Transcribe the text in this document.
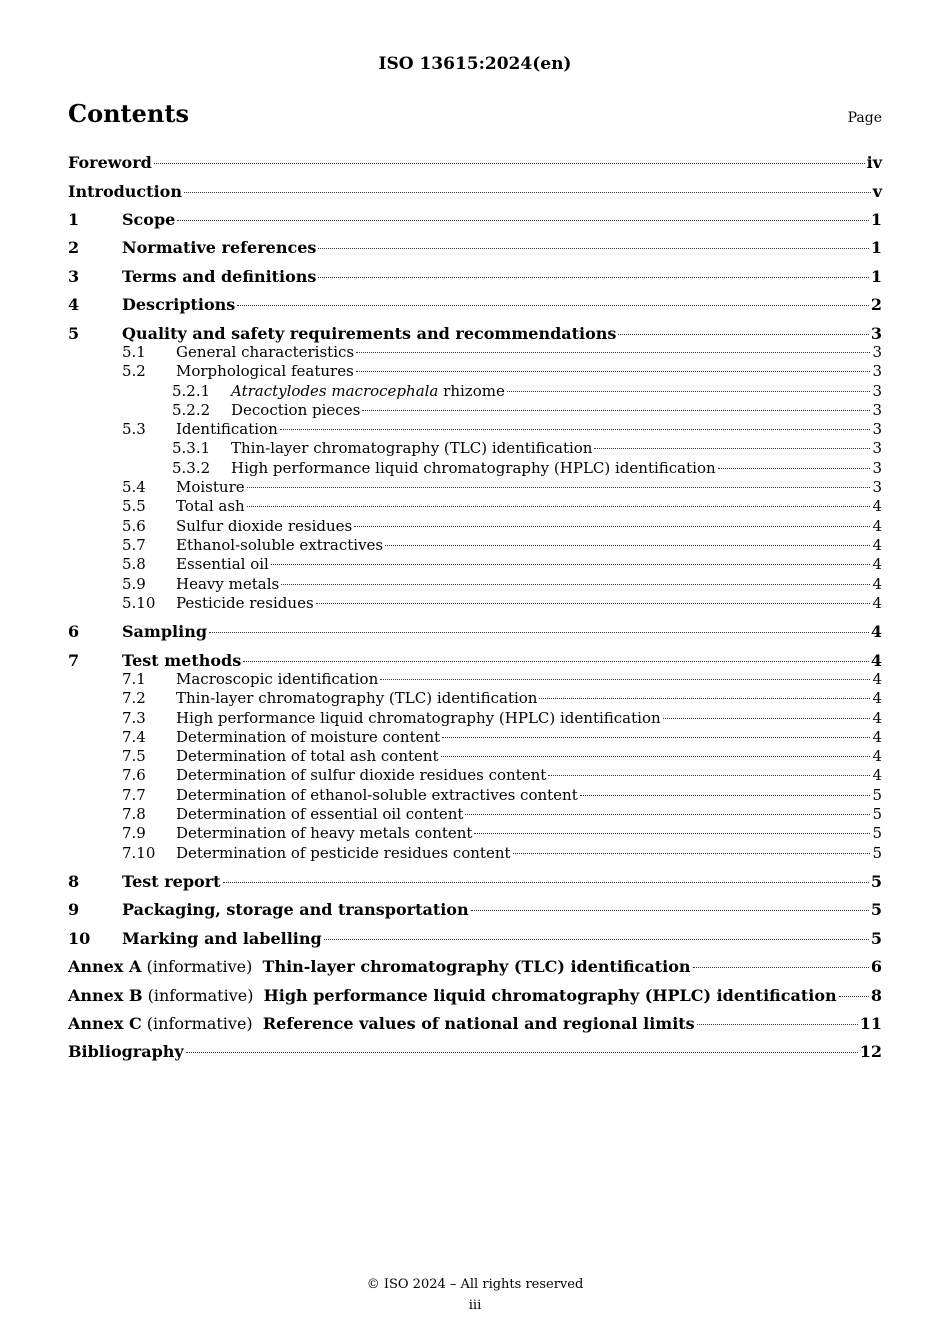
ISO 13615:2024(en)
Contents	Page
Foreword	iv
Introduction	v
1	Scope	1
2	Normative references	1
3	Terms and definitions	1
4	Descriptions	2
5	Quality and safety requirements and recommendations	3
5.1	General characteristics	3
5.2	Morphological features	3
5.2.1	Atractylodes macrocephala rhizome	3
5.2.2	Decoction pieces	3
5.3	Identification	3
5.3.1	Thin-layer chromatography (TLC) identification	3
5.3.2	High performance liquid chromatography (HPLC) identification	3
5.4	Moisture	3
5.5	Total ash	4
5.6	Sulfur dioxide residues	4
5.7	Ethanol-soluble extractives	4
5.8	Essential oil	4
5.9	Heavy metals	4
5.10	Pesticide residues	4
6	Sampling	4
7	Test methods	4
7.1	Macroscopic identification	4
7.2	Thin-layer chromatography (TLC) identification	4
7.3	High performance liquid chromatography (HPLC) identification	4
7.4	Determination of moisture content	4
7.5	Determination of total ash content	4
7.6	Determination of sulfur dioxide residues content	4
7.7	Determination of ethanol-soluble extractives content	5
7.8	Determination of essential oil content	5
7.9	Determination of heavy metals content	5
7.10	Determination of pesticide residues content	5
8	Test report	5
9	Packaging, storage and transportation	5
10	Marking and labelling	5
Annex A (informative) Thin-layer chromatography (TLC) identification	6
Annex B (informative) High performance liquid chromatography (HPLC) identification 8
Annex C (informative) Reference values of national and regional limits	11
Bibliography	12
© ISO 2024 – All rights reserved
iii
